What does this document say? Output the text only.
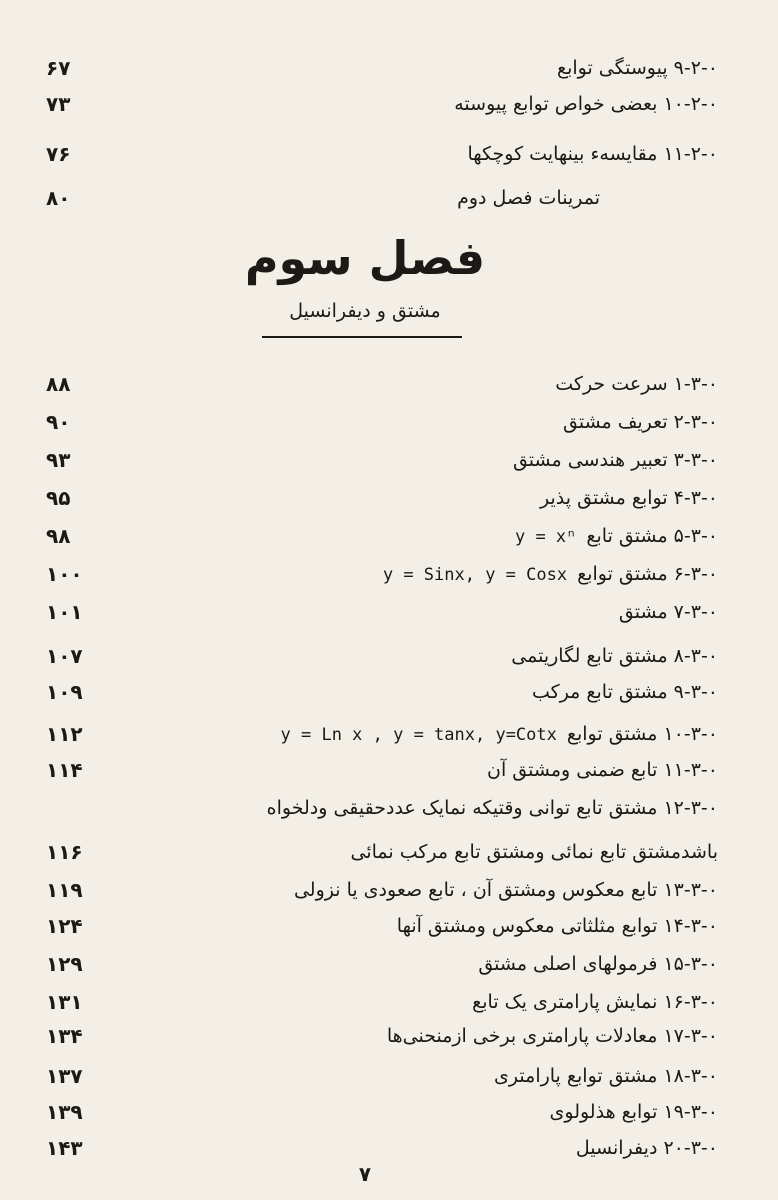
۹-۲-۰ پیوستگی توابع
۶۷
۱۰-۲-۰ بعضی خواص توابع پیوسته
۷۳
۱۱-۲-۰ مقایسهء بینهایت کوچکها
۷۶
تمرینات فصل دوم
۸۰
فصل سوم
مشتق و دیفرانسیل
۱-۳-۰ سرعت حرکت
۸۸
۲-۳-۰ تعریف مشتق
۹۰
۳-۳-۰ تعبیر هندسی مشتق
۹۳
۴-۳-۰ توابع مشتق پذیر
۹۵
۵-۳-۰ مشتق تابعy = xⁿ
۹۸
۶-۳-۰ مشتق توابعy = Sinx, y = Cosx
۱۰۰
۷-۳-۰ مشتق
۱۰۱
۸-۳-۰ مشتق تابع لگاریتمی
۱۰۷
۹-۳-۰ مشتق تابع مرکب
۱۰۹
۱۰-۳-۰ مشتق توابعy = Ln x , y = tanx, y=Cotx
۱۱۲
۱۱-۳-۰ تابع ضمنی ومشتق آن
۱۱۴
۱۲-۳-۰ مشتق تابع توانی وقتیکه نمایک عددحقیقی ودلخواه
باشدمشتق تابع نمائی ومشتق تابع مرکب نمائی
۱۱۶
۱۳-۳-۰ تابع معکوس ومشتق آن ، تابع صعودی یا نزولی
۱۱۹
۱۴-۳-۰ توابع مثلثاتی معکوس ومشتق آنها
۱۲۴
۱۵-۳-۰ فرمولهای اصلی مشتق
۱۲۹
۱۶-۳-۰ نمایش پارامتری یک تابع
۱۳۱
۱۷-۳-۰ معادلات پارامتری برخی ازمنحنی‌ها
۱۳۴
۱۸-۳-۰ مشتق توابع پارامتری
۱۳۷
۱۹-۳-۰ توابع هذلولوی
۱۳۹
۲۰-۳-۰ دیفرانسیل
۱۴۳
۷
